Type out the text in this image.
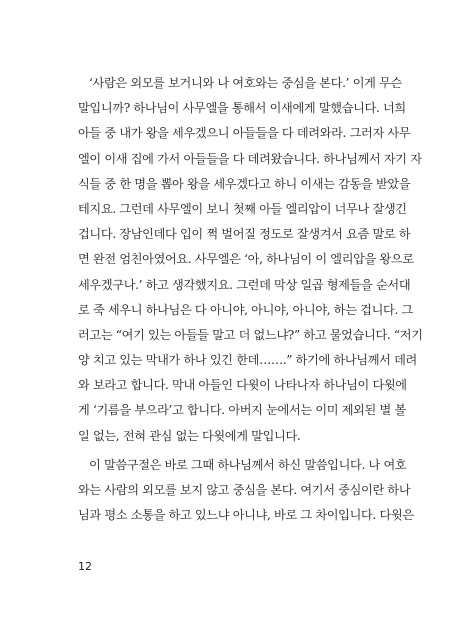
‘사람은 외모를 보거니와 나 여호와는 중심을 본다.’ 이게 무슨
말입니까? 하나님이 사무엘을 통해서 이새에게 말했습니다. 너희
아들 중 내가 왕을 세우겠으니 아들들을 다 데려와라. 그러자 사무
엘이 이새 집에 가서 아들들을 다 데려왔습니다. 하나님께서 자기 자
식들 중 한 명을 뽑아 왕을 세우겠다고 하니 이새는 감동을 받았을
테지요. 그런데 사무엘이 보니 첫째 아들 엘리압이 너무나 잘생긴
겁니다. 장남인데다 입이 쩍 벌어질 정도로 잘생겨서 요즘 말로 하
면 완전 엄친아였어요. 사무엘은 ‘아, 하나님이 이 엘리압을 왕으로
세우겠구나.’ 하고 생각했지요. 그런데 막상 일곱 형제들을 순서대
로 죽 세우니 하나님은 다 아니야, 아니야, 아니야, 하는 겁니다. 그
러고는 “여기 있는 아들들 말고 더 없느냐?” 하고 물었습니다. “저기
양 치고 있는 막내가 하나 있긴 한데…….” 하기에 하나님께서 데려
와 보라고 합니다. 막내 아들인 다윗이 나타나자 하나님이 다윗에
게 ‘기름을 부으라’고 합니다. 아버지 눈에서는 이미 제외된 별 볼
일 없는, 전혀 관심 없는 다윗에게 말입니다.
이 말씀구절은 바로 그때 하나님께서 하신 말씀입니다. 나 여호
와는 사람의 외모를 보지 않고 중심을 본다. 여기서 중심이란 하나
님과 평소 소통을 하고 있느냐 아니냐, 바로 그 차이입니다. 다윗은
12
